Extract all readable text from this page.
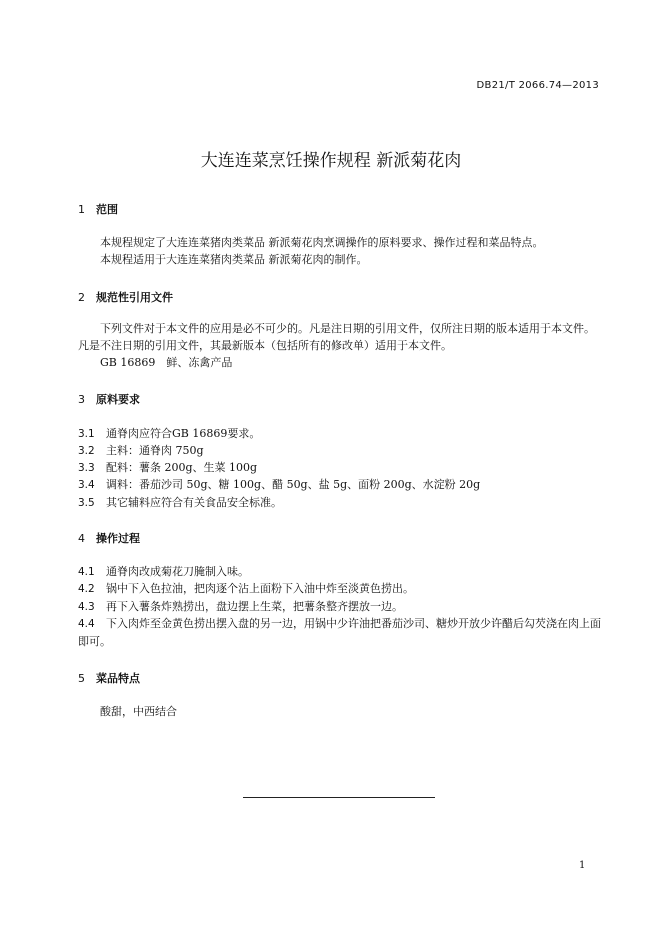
DB21/T 2066.74—2013
大连连菜烹饪操作规程 新派菊花肉
1 范围
本规程规定了大连连菜猪肉类菜品 新派菊花肉烹调操作的原料要求、操作过程和菜品特点。
本规程适用于大连连菜猪肉类菜品 新派菊花肉的制作。
2 规范性引用文件
下列文件对于本文件的应用是必不可少的。凡是注日期的引用文件，仅所注日期的版本适用于本文件。凡是不注日期的引用文件，其最新版本（包括所有的修改单）适用于本文件。
GB 16869　鲜、冻禽产品
3 原料要求
3.1 通脊肉应符合GB 16869要求。
3.2 主料：通脊肉 750g
3.3 配料：薯条 200g、生菜 100g
3.4 调料：番茄沙司 50g、糖 100g、醋 50g、盐 5g、面粉 200g、水淀粉 20g
3.5 其它辅料应符合有关食品安全标准。
4 操作过程
4.1 通脊肉改成菊花刀腌制入味。
4.2 锅中下入色拉油，把肉逐个沾上面粉下入油中炸至淡黄色捞出。
4.3 再下入薯条炸熟捞出，盘边摆上生菜，把薯条整齐摆放一边。
4.4 下入肉炸至金黄色捞出摆入盘的另一边，用锅中少许油把番茄沙司、糖炒开放少许醋后勾芡浇在肉上面即可。
5 菜品特点
酸甜，中西结合
1
